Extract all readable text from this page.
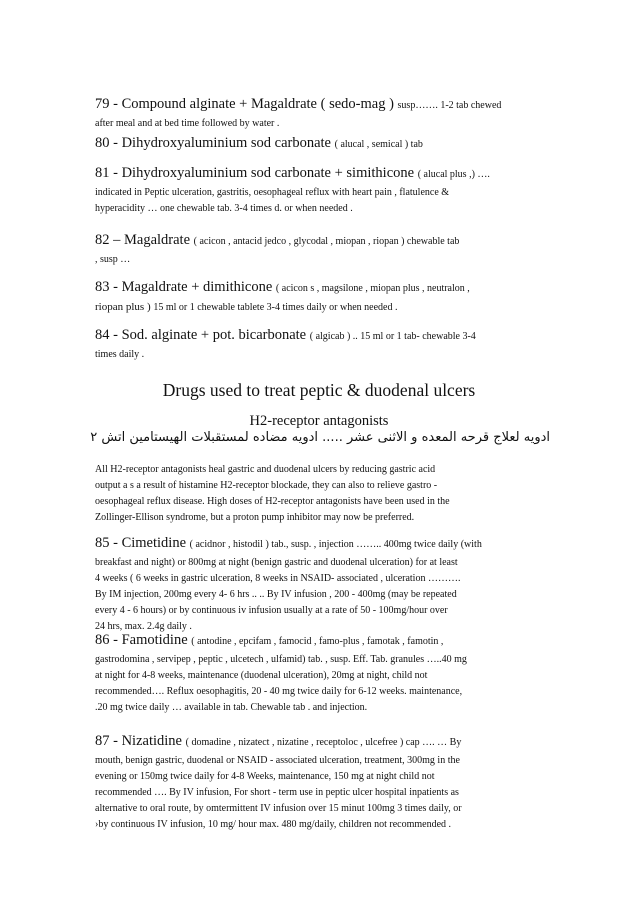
Drugs used to treat peptic & duodenal ulcers
H2-receptor antagonists
ادويه لعلاج قرحه المعده و الاثنى عشر ..... ادويه مضاده لمستقبلات الهيستامين اتش ٢
79 - Compound alginate + Magaldrate ( sedo-mag ) susp……. 1-2 tab chewed
after meal and at bed time followed by water .
80 - Dihydroxyaluminium sod carbonate ( alucal , semical ) tab
81 - Dihydroxyaluminium sod carbonate + simithicone ( alucal plus ,) ….
indicated in Peptic ulceration, gastritis, oesophageal reflux with heart pain , flatulence &
hyperacidity … one chewable tab. 3-4 times d. or when needed .
82 – Magaldrate ( acicon , antacid jedco , glycodal , miopan , riopan ) chewable tab
, susp …
83 - Magaldrate + dimithicone ( acicon s , magsilone , miopan plus , neutralon ,
riopan plus ) 15 ml or 1 chewable tablete 3-4 times daily or when needed .
84 - Sod. alginate + pot. bicarbonate ( algicab ) .. 15 ml or 1 tab- chewable 3-4
times daily .
All H2-receptor antagonists heal gastric and duodenal ulcers by reducing gastric acid
output a s a result of histamine H2-receptor blockade, they can also to relieve gastro -
oesophageal reflux disease. High doses of H2-receptor antagonists have been used in the
Zollinger-Ellison syndrome, but a proton pump inhibitor may now be preferred.
85 - Cimetidine ( acidnor , histodil ) tab., susp. , injection …….. 400mg twice daily (with
breakfast and night) or 800mg at night (benign gastric and duodenal ulceration) for at least
4 weeks ( 6 weeks in gastric ulceration, 8 weeks in NSAID- associated , ulceration ……….
By IM injection, 200mg every 4- 6 hrs .. .. By IV infusion , 200 - 400mg (may be repeated
every 4 - 6 hours) or by continuous iv infusion usually at a rate of 50 - 100mg/hour over
24 hrs, max. 2.4g daily .
86 - Famotidine ( antodine , epcifam , famocid , famo-plus , famotak , famotin ,
gastrodomina , servipep , peptic , ulcetech , ulfamid) tab. , susp. Eff. Tab. granules …..40 mg
at night for 4-8 weeks, maintenance (duodenal ulceration), 20mg at night, child not
recommended…. Reflux oesophagitis, 20 - 40 mg twice daily for 6-12 weeks. maintenance,
.20 mg twice daily … available in tab. Chewable tab . and injection.
87 - Nizatidine ( domadine , nizatect , nizatine , receptoloc , ulcefree ) cap …. … By
mouth, benign gastric, duodenal or NSAID - associated ulceration, treatment, 300mg in the
evening or 150mg twice daily for 4-8 Weeks, maintenance, 150 mg at night child not
recommended …. By IV infusion, For short - term use in peptic ulcer hospital inpatients as
alternative to oral route, by omtermittent IV infusion over 15 minut 100mg 3 times daily, or
›by continuous IV infusion, 10 mg/ hour max. 480 mg/daily, children not recommended .
